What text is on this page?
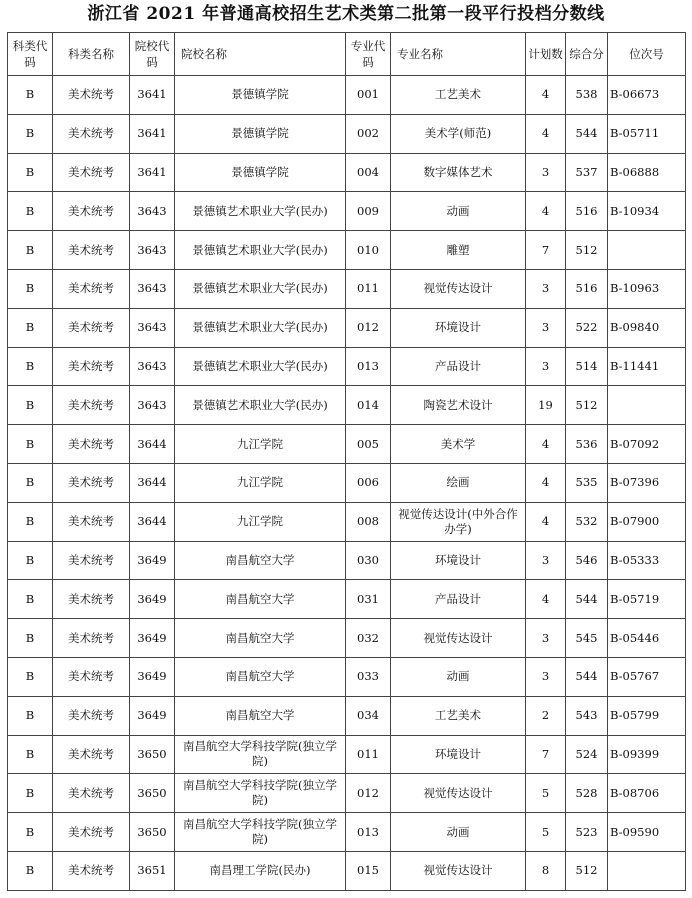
浙江省 2021 年普通高校招生艺术类第二批第一段平行投档分数线
科类代码	科类名称	院校代码	院校名称	专业代码	专业名称	计划数	综合分	位次号
B	美术统考	3641	景德镇学院	001	工艺美术	4	538	B-06673
B	美术统考	3641	景德镇学院	002	美术学(师范)	4	544	B-05711
B	美术统考	3641	景德镇学院	004	数字媒体艺术	3	537	B-06888
B	美术统考	3643	景德镇艺术职业大学(民办)	009	动画	4	516	B-10934
B	美术统考	3643	景德镇艺术职业大学(民办)	010	雕塑	7	512	
B	美术统考	3643	景德镇艺术职业大学(民办)	011	视觉传达设计	3	516	B-10963
B	美术统考	3643	景德镇艺术职业大学(民办)	012	环境设计	3	522	B-09840
B	美术统考	3643	景德镇艺术职业大学(民办)	013	产品设计	3	514	B-11441
B	美术统考	3643	景德镇艺术职业大学(民办)	014	陶瓷艺术设计	19	512	
B	美术统考	3644	九江学院	005	美术学	4	536	B-07092
B	美术统考	3644	九江学院	006	绘画	4	535	B-07396
B	美术统考	3644	九江学院	008	视觉传达设计(中外合作办学)	4	532	B-07900
B	美术统考	3649	南昌航空大学	030	环境设计	3	546	B-05333
B	美术统考	3649	南昌航空大学	031	产品设计	4	544	B-05719
B	美术统考	3649	南昌航空大学	032	视觉传达设计	3	545	B-05446
B	美术统考	3649	南昌航空大学	033	动画	3	544	B-05767
B	美术统考	3649	南昌航空大学	034	工艺美术	2	543	B-05799
B	美术统考	3650	南昌航空大学科技学院(独立学院)	011	环境设计	7	524	B-09399
B	美术统考	3650	南昌航空大学科技学院(独立学院)	012	视觉传达设计	5	528	B-08706
B	美术统考	3650	南昌航空大学科技学院(独立学院)	013	动画	5	523	B-09590
B	美术统考	3651	南昌理工学院(民办)	015	视觉传达设计	8	512	
